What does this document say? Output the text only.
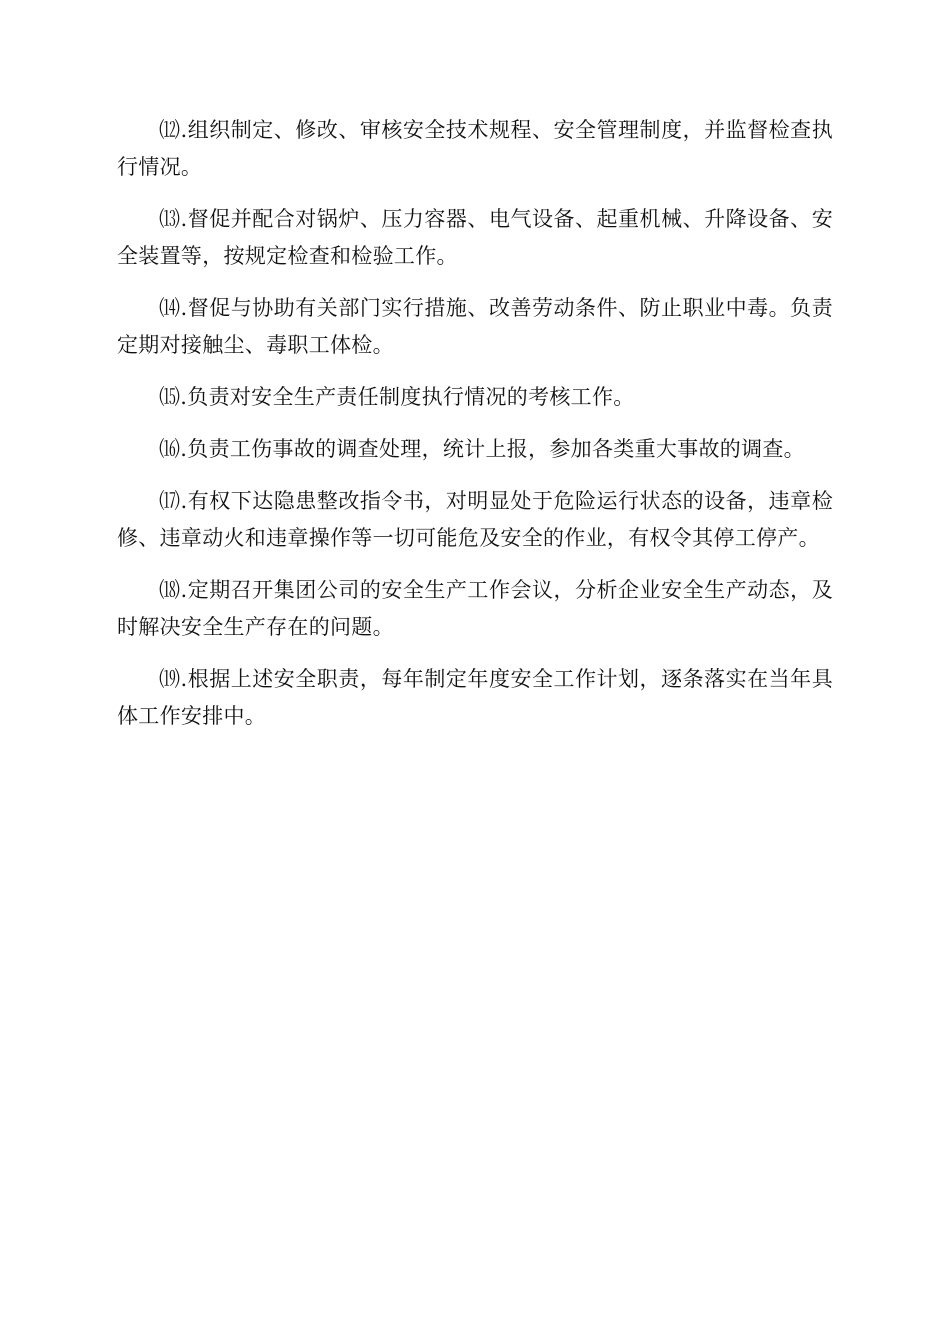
⑿.组织制定、修改、审核安全技术规程、安全管理制度，并监督检查执行情况。

⒀.督促并配合对锅炉、压力容器、电气设备、起重机械、升降设备、安全装置等，按规定检查和检验工作。

⒁.督促与协助有关部门实行措施、改善劳动条件、防止职业中毒。负责定期对接触尘、毒职工体检。

⒂.负责对安全生产责任制度执行情况的考核工作。

⒃.负责工伤事故的调查处理，统计上报，参加各类重大事故的调查。

⒄.有权下达隐患整改指令书，对明显处于危险运行状态的设备，违章检修、违章动火和违章操作等一切可能危及安全的作业，有权令其停工停产。

⒅.定期召开集团公司的安全生产工作会议，分析企业安全生产动态，及时解决安全生产存在的问题。

⒆.根据上述安全职责，每年制定年度安全工作计划，逐条落实在当年具体工作安排中。
